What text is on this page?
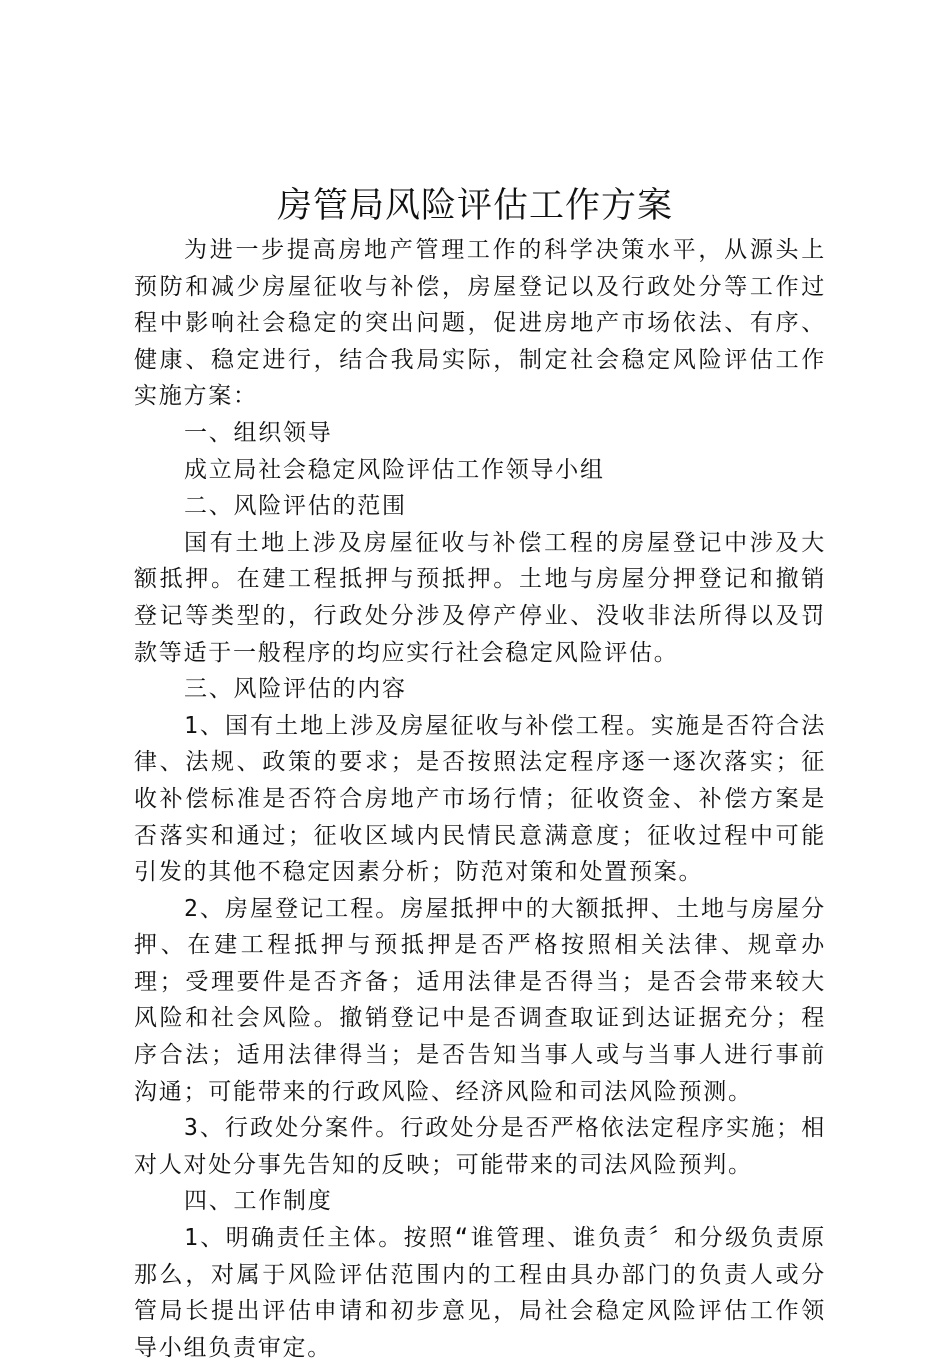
房管局风险评估工作方案

为进一步提高房地产管理工作的科学决策水平，从源头上预防和减少房屋征收与补偿，房屋登记以及行政处分等工作过程中影响社会稳定的突出问题，促进房地产市场依法、有序、健康、稳定进行，结合我局实际，制定社会稳定风险评估工作实施方案：

一、组织领导

成立局社会稳定风险评估工作领导小组

二、风险评估的范围

国有土地上涉及房屋征收与补偿工程的房屋登记中涉及大额抵押。在建工程抵押与预抵押。土地与房屋分押登记和撤销登记等类型的，行政处分涉及停产停业、没收非法所得以及罚款等适于一般程序的均应实行社会稳定风险评估。

三、风险评估的内容

1、国有土地上涉及房屋征收与补偿工程。实施是否符合法律、法规、政策的要求；是否按照法定程序逐一逐次落实；征收补偿标准是否符合房地产市场行情；征收资金、补偿方案是否落实和通过；征收区域内民情民意满意度；征收过程中可能引发的其他不稳定因素分析；防范对策和处置预案。

2、房屋登记工程。房屋抵押中的大额抵押、土地与房屋分押、在建工程抵押与预抵押是否严格按照相关法律、规章办理；受理要件是否齐备；适用法律是否得当；是否会带来较大风险和社会风险。撤销登记中是否调查取证到达证据充分；程序合法；适用法律得当；是否告知当事人或与当事人进行事前沟通；可能带来的行政风险、经济风险和司法风险预测。

3、行政处分案件。行政处分是否严格依法定程序实施；相对人对处分事先告知的反映；可能带来的司法风险预判。

四、工作制度

1、明确责任主体。按照“谁管理、谁负责〞和分级负责原那么，对属于风险评估范围内的工程由具办部门的负责人或分管局长提出评估申请和初步意见，局社会稳定风险评估工作领导小组负责审定。
